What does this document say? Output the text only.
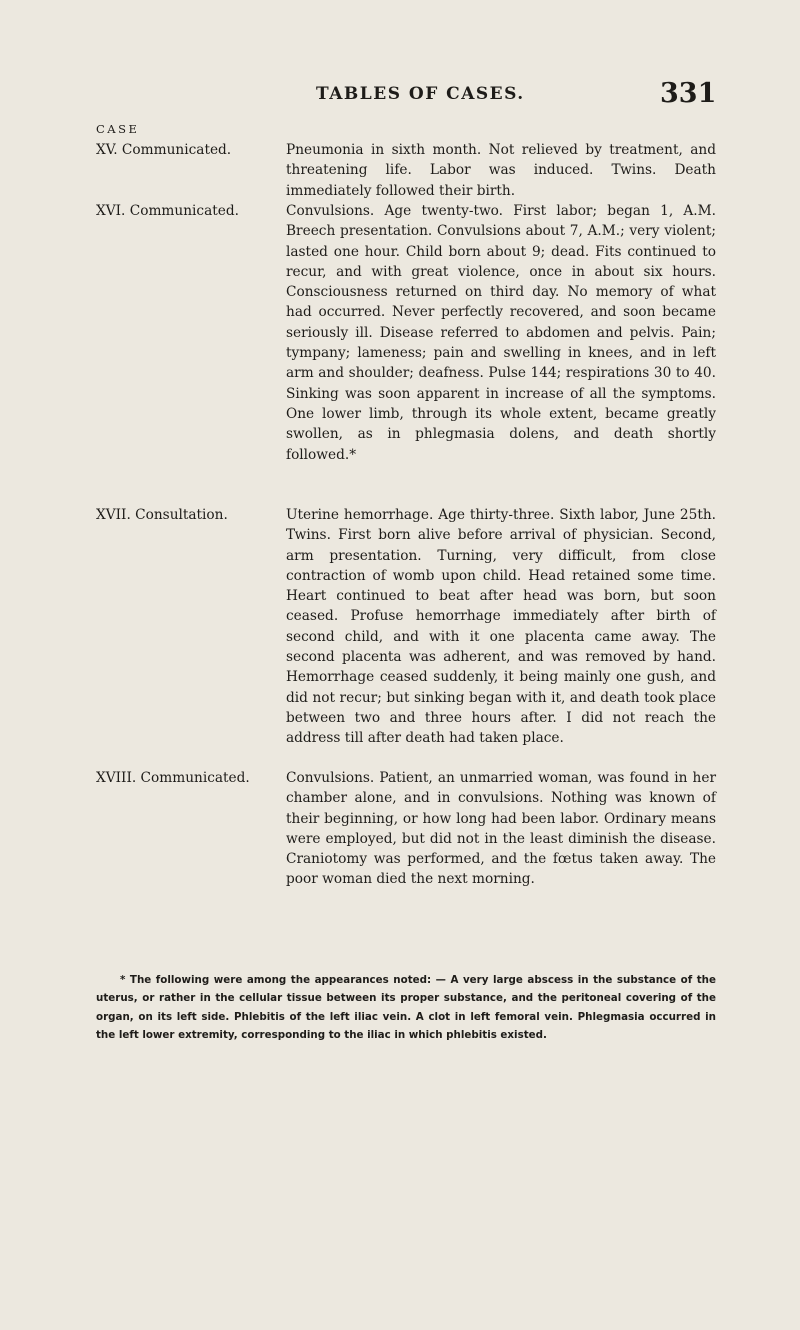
TABLES OF CASES.	331
CASE
XV. Communicated.	Pneumonia in sixth month. Not relieved by treatment, and threatening life. Labor was induced. Twins. Death immediately followed their birth.
XVI. Communicated.	Convulsions. Age twenty-two. First labor; began 1, A.M. Breech presentation. Convulsions about 7, A.M.; very violent; lasted one hour. Child born about 9; dead. Fits continued to recur, and with great violence, once in about six hours. Consciousness returned on third day. No memory of what had occurred. Never perfectly recovered, and soon became seriously ill. Disease referred to abdomen and pelvis. Pain; tympany; lameness; pain and swelling in knees, and in left arm and shoulder; deafness. Pulse 144; respirations 30 to 40. Sinking was soon apparent in increase of all the symptoms. One lower limb, through its whole extent, became greatly swollen, as in phlegmasia dolens, and death shortly followed.*
XVII. Consultation.	Uterine hemorrhage. Age thirty-three. Sixth labor, June 25th. Twins. First born alive before arrival of physician. Second, arm presentation. Turning, very difficult, from close contraction of womb upon child. Head retained some time. Heart continued to beat after head was born, but soon ceased. Profuse hemorrhage immediately after birth of second child, and with it one placenta came away. The second placenta was adherent, and was removed by hand. Hemorrhage ceased suddenly, it being mainly one gush, and did not recur; but sinking began with it, and death took place between two and three hours after. I did not reach the address till after death had taken place.
XVIII. Communicated.	Convulsions. Patient, an unmarried woman, was found in her chamber alone, and in convulsions. Nothing was known of their beginning, or how long had been labor. Ordinary means were employed, but did not in the least diminish the disease. Craniotomy was performed, and the fœtus taken away. The poor woman died the next morning.
* The following were among the appearances noted: — A very large abscess in the substance of the uterus, or rather in the cellular tissue between its proper substance, and the peritoneal covering of the organ, on its left side. Phlebitis of the left iliac vein. A clot in left femoral vein. Phlegmasia occurred in the left lower extremity, corresponding to the iliac in which phlebitis existed.
